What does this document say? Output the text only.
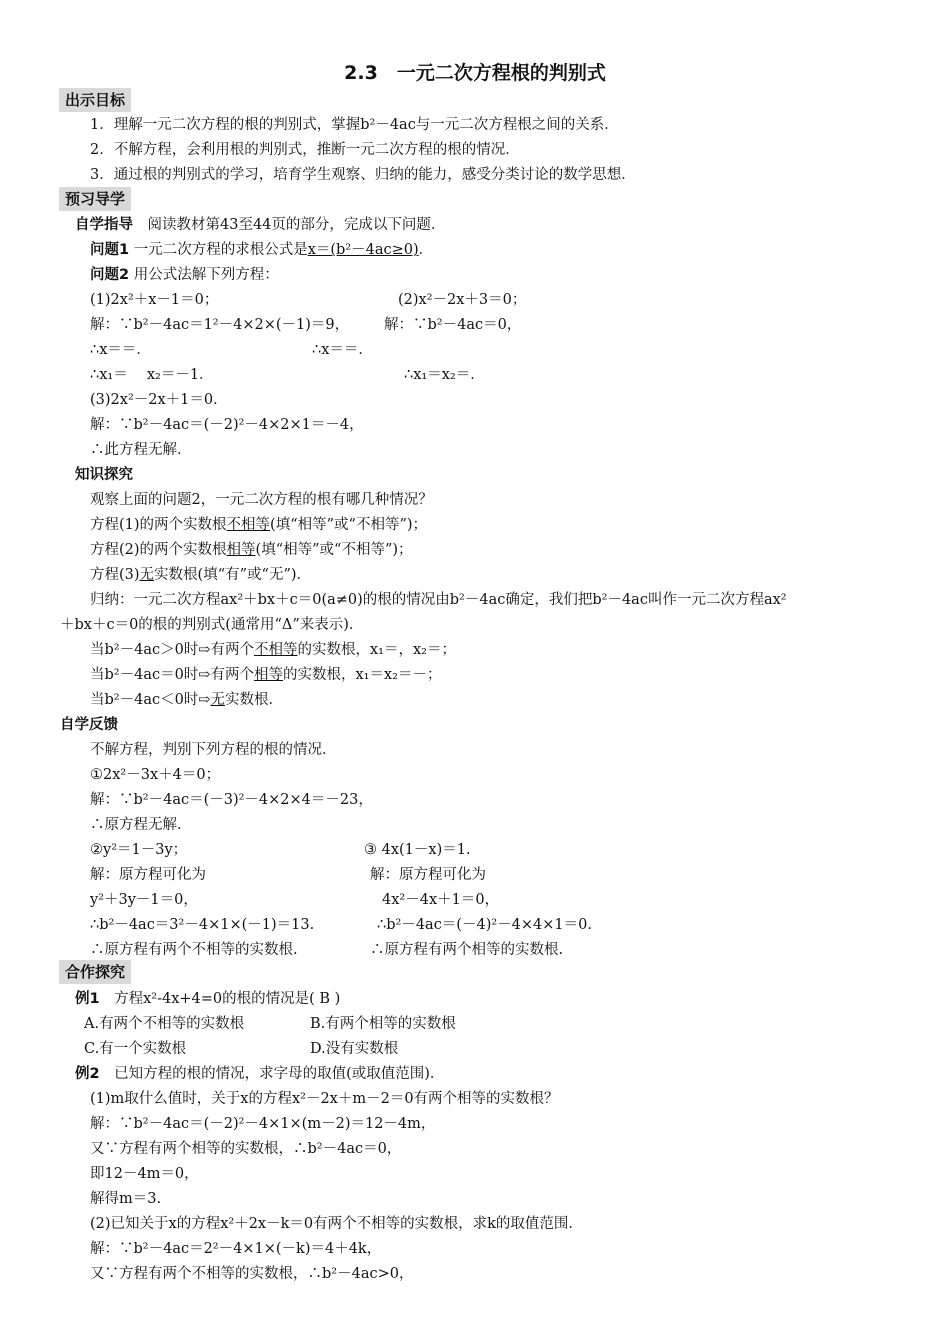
2.3　一元二次方程根的判别式
出示目标
1．理解一元二次方程的根的判别式，掌握b²－4ac与一元二次方程根之间的关系．
2．不解方程，会利用根的判别式，推断一元二次方程的根的情况．
3．通过根的判别式的学习，培育学生观察、归纳的能力，感受分类讨论的数学思想．
预习导学
自学指导　阅读教材第43至44页的部分，完成以下问题．
问题1 一元二次方程的求根公式是x＝(b²－4ac≥0)．
问题2 用公式法解下列方程：
(1)2x²＋x－1＝0；	(2)x²－2x＋3＝0；
解：∵b²－4ac＝1²－4×2×(－1)＝9， 解：∵b²－4ac＝0，
∴x＝＝．	∴x＝＝．
∴x₁＝　 x₂＝－1．	∴x₁＝x₂＝．
(3)2x²－2x＋1＝0．
解：∵b²－4ac＝(－2)²－4×2×1＝－4，
∴此方程无解．
知识探究
观察上面的问题2，一元二次方程的根有哪几种情况？
方程(1)的两个实数根不相等(填“相等”或“不相等”)；
方程(2)的两个实数根相等(填“相等”或“不相等”)；
方程(3)无实数根(填“有”或“无”)．
归纳：一元二次方程ax²＋bx＋c＝0(a≠0)的根的情况由b²－4ac确定，我们把b²－4ac叫作一元二次方程ax²
＋bx＋c＝0的根的判别式(通常用“Δ”来表示)．
当b²－4ac＞0时⇨有两个不相等的实数根，x₁＝，x₂＝；
当b²－4ac＝0时⇨有两个相等的实数根，x₁＝x₂＝－；
当b²－4ac＜0时⇨无实数根．
自学反馈
不解方程，判别下列方程的根的情况．
①2x²－3x＋4＝0；
解：∵b²－4ac＝(－3)²－4×2×4＝－23，
∴原方程无解．
②y²＝1－3y；	③ 4x(1－x)＝1.
解：原方程可化为	解：原方程可化为
y²＋3y－1＝0，	4x²－4x＋1＝0，
∴b²－4ac＝3²－4×1×(－1)＝13.	∴b²－4ac＝(－4)²－4×4×1＝0.
∴原方程有两个不相等的实数根.	∴原方程有两个相等的实数根.
合作探究
例1　方程x²-4x+4=0的根的情况是( B )
A.有两个不相等的实数根	B.有两个相等的实数根
C.有一个实数根	D.没有实数根
例2　已知方程的根的情况，求字母的取值(或取值范围)．
(1)m取什么值时，关于x的方程x²－2x＋m－2＝0有两个相等的实数根？
解：∵b²－4ac＝(－2)²－4×1×(m－2)＝12－4m，
又∵方程有两个相等的实数根，∴b²－4ac＝0，
即12－4m＝0，
解得m＝3.
(2)已知关于x的方程x²＋2x－k＝0有两个不相等的实数根，求k的取值范围．
解：∵b²－4ac＝2²－4×1×(－k)＝4＋4k，
又∵方程有两个不相等的实数根，∴b²－4ac>0，
